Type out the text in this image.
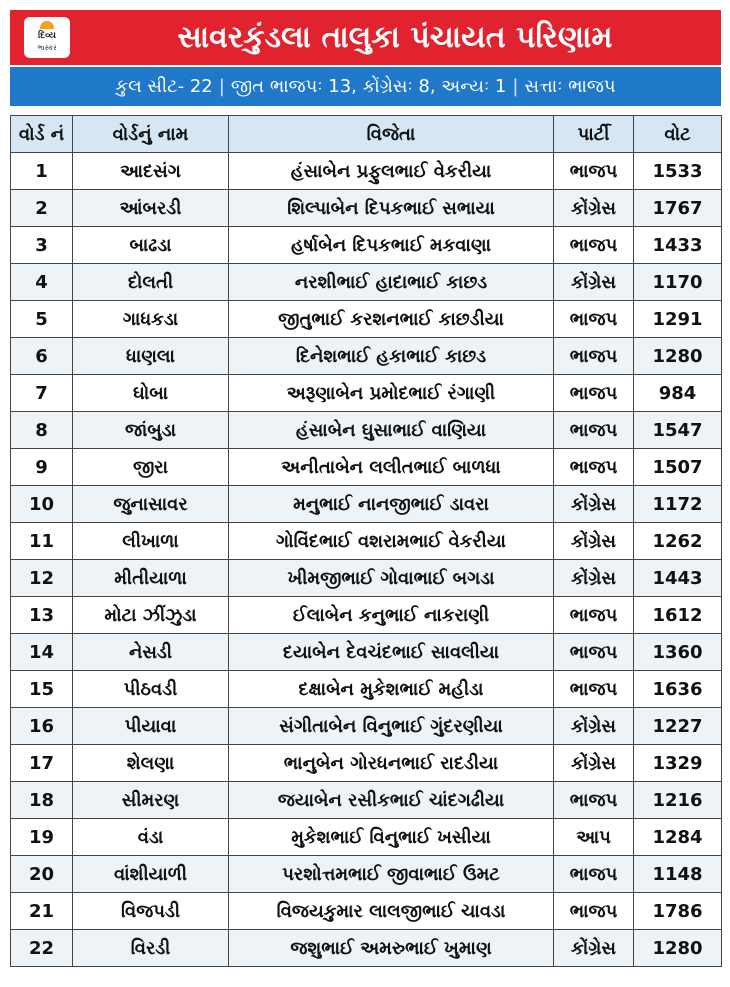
દિવ્ય
ભાસ્કર	સાવરકુંડલા તાલુકા પંચાયત પરિણામ
કુલ સીટ- 22 | જીત ભાજપઃ 13, કોંગ્રેસઃ 8, અન્યઃ 1 | સત્તાઃ ભાજપ
વોર્ડ નં	વોર્ડનું નામ	વિજેતા	પાર્ટી	વોટ
1	આદસંગ	હંસાબેન પ્રફુલભાઈ વેકરીયા	ભાજપ	1533
2	આંબરડી	શિલ્પાબેન દિપકભાઈ સભાયા	કોંગ્રેસ	1767
3	બાઢડા	હર્ષાબેન દિપકભાઈ મકવાણા	ભાજપ	1433
4	દોલતી	નરશીભાઈ હાદાભાઈ કાછડ	કોંગ્રેસ	1170
5	ગાધકડા	જીતુભાઈ કરશનભાઈ કાછડીયા	ભાજપ	1291
6	ધાણલા	દિનેશભાઈ હકાભાઈ કાછડ	ભાજપ	1280
7	ઘોબા	અરૂણાબેન પ્રમોદભાઈ રંગાણી	ભાજપ	984
8	જાંબુડા	હંસાબેન ઘુસાભાઈ વાણિયા	ભાજપ	1547
9	જીરા	અનીતાબેન લલીતભાઈ બાળધા	ભાજપ	1507
10	જુનાસાવર	મનુભાઈ નાનજીભાઈ ડાવરા	કોંગ્રેસ	1172
11	લીખાળા	ગોવિંદભાઈ વશરામભાઈ વેકરીયા	કોંગ્રેસ	1262
12	મીતીયાળા	ખીમજીભાઈ ગોવાભાઈ બગડા	કોંગ્રેસ	1443
13	મોટા ઝીંઝુડા	ઈલાબેન કનુભાઈ નાકરાણી	ભાજપ	1612
14	નેસડી	દયાબેન દેવચંદભાઈ સાવલીયા	ભાજપ	1360
15	પીઠવડી	દક્ષાબેન મુકેશભાઈ મહીડા	ભાજપ	1636
16	પીયાવા	સંગીતાબેન વિનુભાઈ ગુંદરણીયા	કોંગ્રેસ	1227
17	શેલણા	ભાનુબેન ગોરધનભાઈ રાદડીયા	કોંગ્રેસ	1329
18	સીમરણ	જયાબેન રસીકભાઈ ચાંદગઢીયા	ભાજપ	1216
19	વંડા	મુકેશભાઈ વિનુભાઈ ખસીયા	આપ	1284
20	વાંશીયાળી	પરશોત્તમભાઈ જીવાભાઈ ઉમટ	ભાજપ	1148
21	વિજપડી	વિજયકુમાર લાલજીભાઈ ચાવડા	ભાજપ	1786
22	વિરડી	જશુભાઈ અમરુભાઈ ખુમાણ	કોંગ્રેસ	1280
